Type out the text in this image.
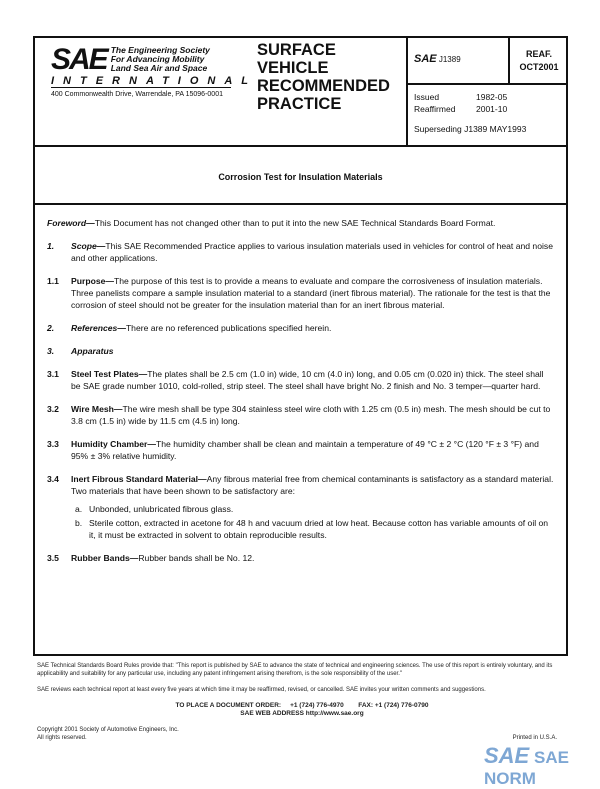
SAE The Engineering Society
For Advancing Mobility
Land Sea Air and Space
INTERNATIONAL
400 Commonwealth Drive, Warrendale, PA 15096-0001
SURFACE
VEHICLE
RECOMMENDED
PRACTICE
SAE J1389
REAF.
OCT2001
Issued	1982-05
Reaffirmed 2001-10
Superseding J1389 MAY1993
Corrosion Test for Insulation Materials
Foreword—This Document has not changed other than to put it into the new SAE Technical Standards Board Format.
1.	Scope—This SAE Recommended Practice applies to various insulation materials used in vehicles for control of heat and noise and other applications.
1.1	Purpose—The purpose of this test is to provide a means to evaluate and compare the corrosiveness of insulation materials. Three panelists compare a sample insulation material to a standard (inert fibrous material). The rationale for the test is that the corrosion of steel should not be greater for the insulation material than for an inert fibrous material.
2.	References—There are no referenced publications specified herein.
3.	Apparatus
3.1	Steel Test Plates—The plates shall be 2.5 cm (1.0 in) wide, 10 cm (4.0 in) long, and 0.05 cm (0.020 in) thick. The steel shall be SAE grade number 1010, cold-rolled, strip steel. The steel shall have bright No. 2 finish and No. 3 temper—quarter hard.
3.2	Wire Mesh—The wire mesh shall be type 304 stainless steel wire cloth with 1.25 cm (0.5 in) mesh. The mesh should be cut to 3.8 cm (1.5 in) wide by 11.5 cm (4.5 in) long.
3.3	Humidity Chamber—The humidity chamber shall be clean and maintain a temperature of 49 °C ± 2 °C (120 °F ± 3 °F) and 95% ± 3% relative humidity.
3.4	Inert Fibrous Standard Material—Any fibrous material free from chemical contaminants is satisfactory as a standard material. Two materials that have been shown to be satisfactory are:
a. Unbonded, unlubricated fibrous glass.
b. Sterile cotton, extracted in acetone for 48 h and vacuum dried at low heat. Because cotton has variable amounts of oil on it, it must be extracted in solvent to obtain reproducible results.
3.5	Rubber Bands—Rubber bands shall be No. 12.
SAE Technical Standards Board Rules provide that: "This report is published by SAE to advance the state of technical and engineering sciences. The use of this report is entirely voluntary, and its applicability and suitability for any particular use, including any patent infringement arising therefrom, is the sole responsibility of the user."
SAE reviews each technical report at least every five years at which time it may be reaffirmed, revised, or cancelled. SAE invites your written comments and suggestions.
TO PLACE A DOCUMENT ORDER:     +1 (724) 776-4970        FAX: +1 (724) 776-0790
SAE WEB ADDRESS http://www.sae.org
Copyright 2001 Society of Automotive Engineers, Inc.
All rights reserved.	Printed in U.S.A.
SAE SAE NORM
